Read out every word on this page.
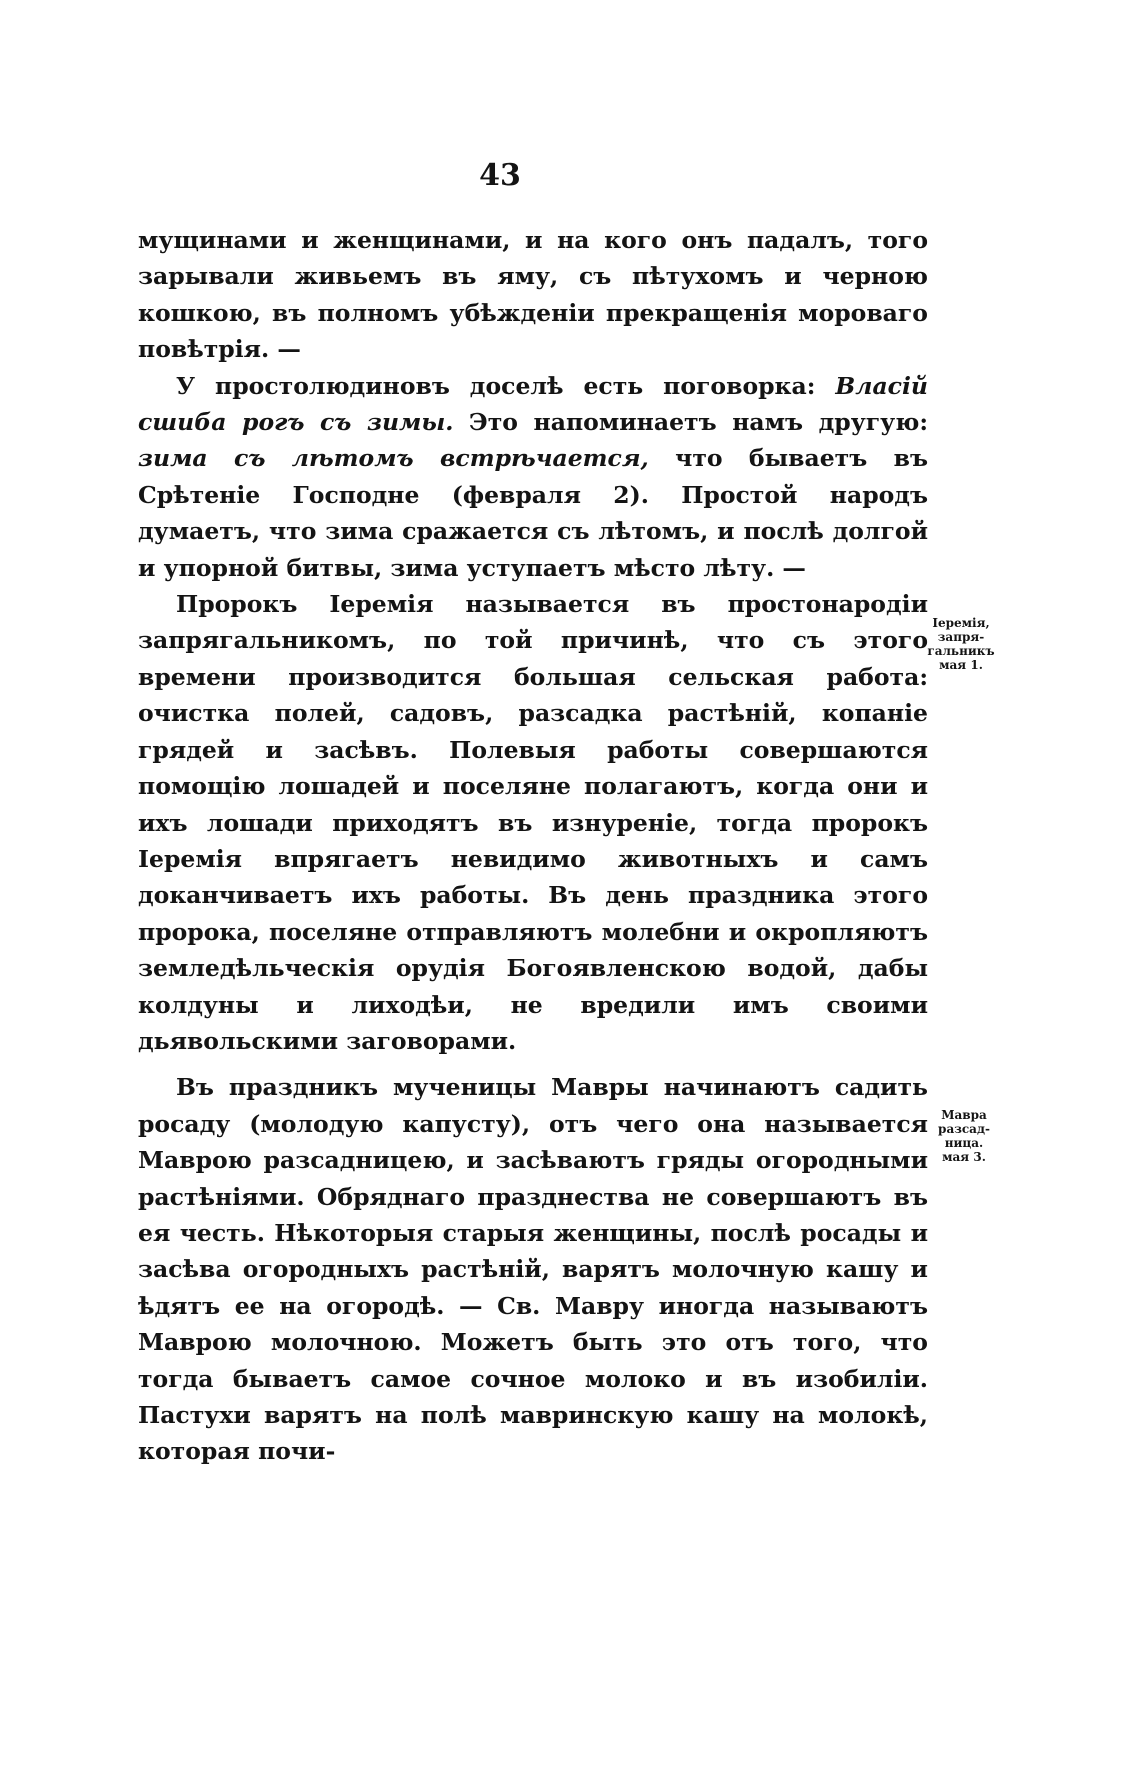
43

мущинами и женщинами, и на кого онъ падалъ, того зарывали живьемъ въ яму, съ пѣтухомъ и черною кошкою, въ полномъ убѣжденiи прекращенiя мороваго повѣтрiя. —

У простолюдиновъ доселѣ есть поговорка: Власiй сшиба рогъ съ зимы. Это напоминаетъ намъ другую: зима съ лѣтомъ встрѣчается, что бываетъ въ Срѣтенiе Господне (февраля 2). Простой народъ думаетъ, что зима сражается съ лѣтомъ, и послѣ долгой и упорной битвы, зима уступаетъ мѣсто лѣту. —

Пророкъ Iеремiя называется въ простонародiи запрягальникомъ, по той причинѣ, что съ этого времени производится большая сельская работа: очистка полей, садовъ, разсадка растѣнiй, копанiе грядей и засѣвъ. Полевыя работы совершаются помощiю лошадей и поселяне полагаютъ, когда они и ихъ лошади приходятъ въ изнуренiе, тогда пророкъ Iеремiя впрягаетъ невидимо животныхъ и самъ доканчиваетъ ихъ работы. Въ день праздника этого пророка, поселяне отправляютъ молебни и окропляютъ земледѣльческiя орудiя Богоявленскою водой, дабы колдуны и лиходѣи, не вредили имъ своими дьявольскими заговорами.

Въ праздникъ мученицы Мавры начинаютъ садить росаду (молодую капусту), отъ чего она называется Маврою разсадницею, и засѣваютъ гряды огородными растѣнiями. Обряднаго празднества не совершаютъ въ ея честь. Нѣкоторыя старыя женщины, послѣ росады и засѣва огородныхъ растѣнiй, варятъ молочную кашу и ѣдятъ ее на огородѣ. — Св. Мавру иногда называютъ Маврою молочною. Можетъ быть это отъ того, что тогда бываетъ самое сочное молоко и въ изобилiи. Пастухи варятъ на полѣ мавринскую кашу на молокѣ, которая почи-

Iеремiя,
запря-
гальникъ
мая 1.
Мавра
разсад-
ница.
мая 3.
